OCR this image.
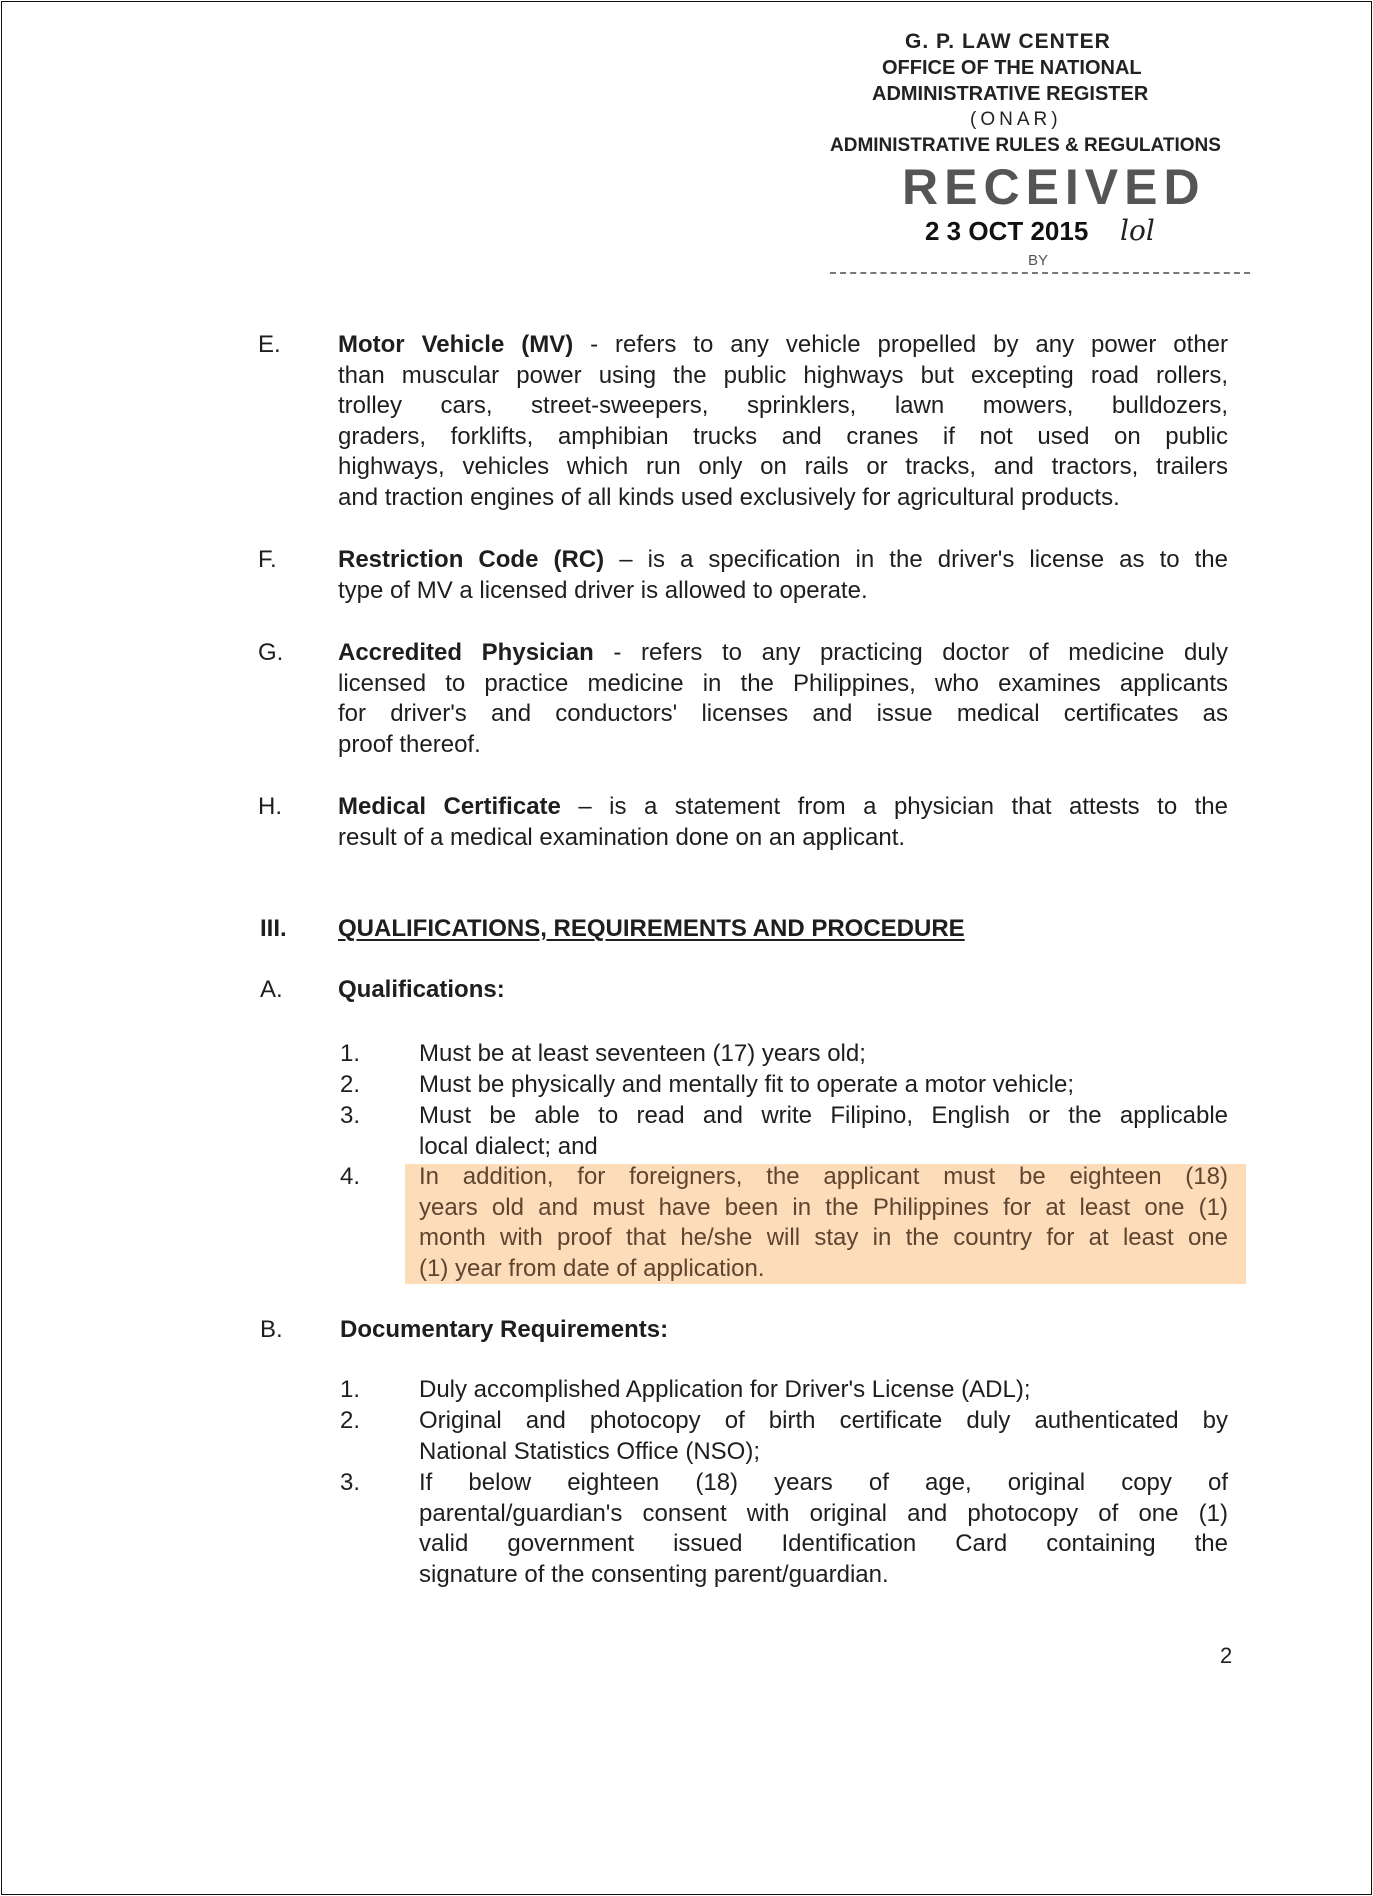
G. P. LAW CENTER
OFFICE OF THE NATIONAL
ADMINISTRATIVE REGISTER
(ONAR)
ADMINISTRATIVE RULES & REGULATIONS
RECEIVED
2 3 OCT 2015 lol
BY
E. Motor Vehicle (MV) - refers to any vehicle propelled by any power other
than muscular power using the public highways but excepting road rollers,
trolley cars, street-sweepers, sprinklers, lawn mowers, bulldozers,
graders, forklifts, amphibian trucks and cranes if not used on public
highways, vehicles which run only on rails or tracks, and tractors, trailers
and traction engines of all kinds used exclusively for agricultural products.
F.	Restriction Code (RC) – is a specification in the driver's license as to the
type of MV a licensed driver is allowed to operate.
G. Accredited Physician - refers to any practicing doctor of medicine duly
licensed to practice medicine in the Philippines, who examines applicants
for driver's and conductors' licenses and issue medical certificates as
proof thereof.
H. Medical Certificate – is a statement from a physician that attests to the
result of a medical examination done on an applicant.
III. QUALIFICATIONS, REQUIREMENTS AND PROCEDURE
A. Qualifications:
1. Must be at least seventeen (17) years old;
2. Must be physically and mentally fit to operate a motor vehicle;
3. Must be able to read and write Filipino, English or the applicable
local dialect; and
4. In addition, for foreigners, the applicant must be eighteen (18)
years old and must have been in the Philippines for at least one (1)
month with proof that he/she will stay in the country for at least one
(1) year from date of application.
B. Documentary Requirements:
1. Duly accomplished Application for Driver's License (ADL);
2. Original and photocopy of birth certificate duly authenticated by
National Statistics Office (NSO);
3. If below eighteen (18) years of age, original copy of
parental/guardian's consent with original and photocopy of one (1)
valid government issued Identification Card containing the
signature of the consenting parent/guardian.
2
